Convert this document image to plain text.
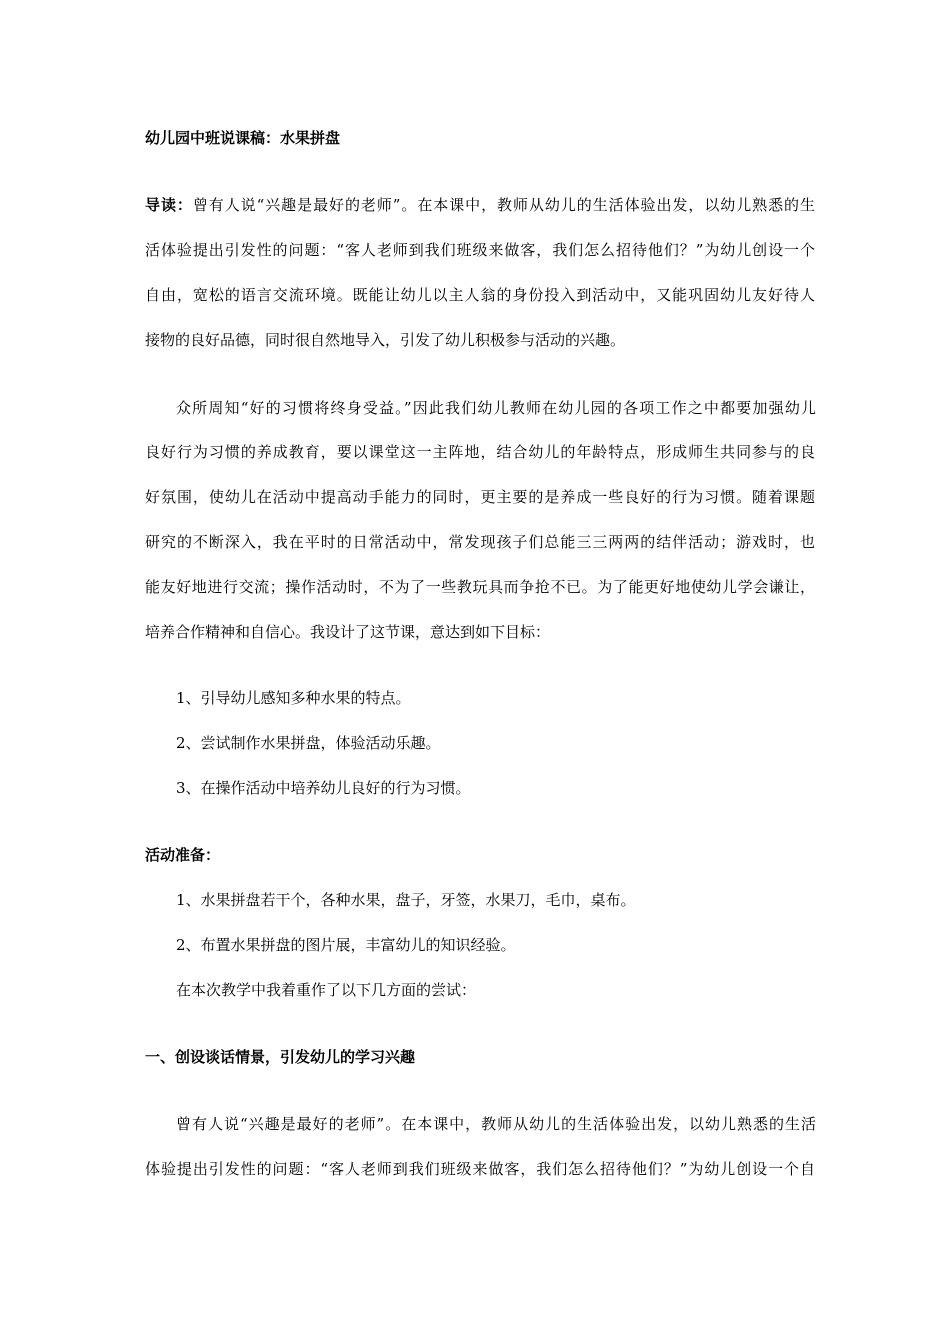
幼儿园中班说课稿：水果拼盘
导读：曾有人说“兴趣是最好的老师”。在本课中，教师从幼儿的生活体验出发，以幼儿熟悉的生
活体验提出引发性的问题：“客人老师到我们班级来做客，我们怎么招待他们？”为幼儿创设一个
自由，宽松的语言交流环境。既能让幼儿以主人翁的身份投入到活动中，又能巩固幼儿友好待人
接物的良好品德，同时很自然地导入，引发了幼儿积极参与活动的兴趣。
众所周知“好的习惯将终身受益。”因此我们幼儿教师在幼儿园的各项工作之中都要加强幼儿
良好行为习惯的养成教育，要以课堂这一主阵地，结合幼儿的年龄特点，形成师生共同参与的良
好氛围，使幼儿在活动中提高动手能力的同时，更主要的是养成一些良好的行为习惯。随着课题
研究的不断深入，我在平时的日常活动中，常发现孩子们总能三三两两的结伴活动；游戏时，也
能友好地进行交流；操作活动时，不为了一些教玩具而争抢不已。为了能更好地使幼儿学会谦让，
培养合作精神和自信心。我设计了这节课，意达到如下目标：
1、引导幼儿感知多种水果的特点。
2、尝试制作水果拼盘，体验活动乐趣。
3、在操作活动中培养幼儿良好的行为习惯。
活动准备：
1、水果拼盘若干个，各种水果，盘子，牙签，水果刀，毛巾，桌布。
2、布置水果拼盘的图片展，丰富幼儿的知识经验。
在本次教学中我着重作了以下几方面的尝试：
一、创设谈话情景，引发幼儿的学习兴趣
曾有人说“兴趣是最好的老师”。在本课中，教师从幼儿的生活体验出发，以幼儿熟悉的生活
体验提出引发性的问题：“客人老师到我们班级来做客，我们怎么招待他们？”为幼儿创设一个自
